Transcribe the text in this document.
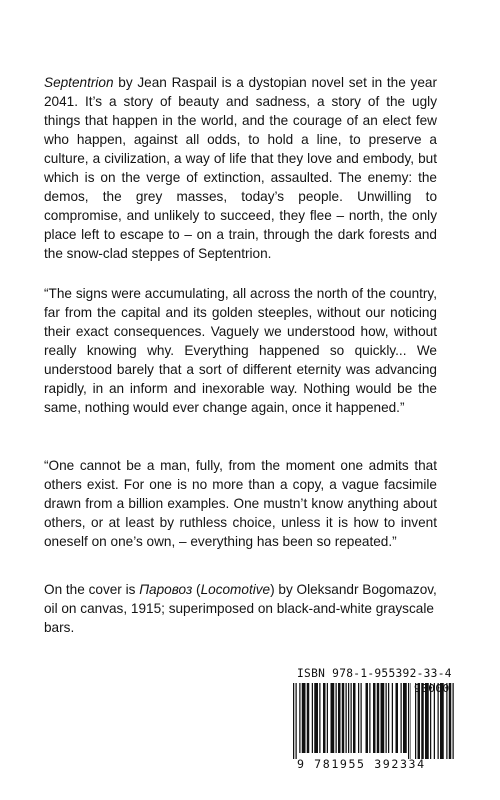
Septentrion by Jean Raspail is a dystopian novel set in the year 2041. It’s a story of beauty and sadness, a story of the ugly things that happen in the world, and the courage of an elect few who happen, against all odds, to hold a line, to preserve a culture, a civilization, a way of life that they love and embody, but which is on the verge of extinction, assaulted. The enemy: the demos, the grey masses, today’s people. Unwilling to compromise, and unlikely to succeed, they flee – north, the only place left to escape to – on a train, through the dark forests and the snow-clad steppes of Septentrion.

“The signs were accumulating, all across the north of the country, far from the capital and its golden steeples, without our noticing their exact consequences. Vaguely we understood how, without really knowing why. Everything happened so quickly... We understood barely that a sort of different eternity was advancing rapidly, in an inform and inexorable way. Nothing would be the same, nothing would ever change again, once it happened.”

“One cannot be a man, fully, from the moment one admits that others exist. For one is no more than a copy, a vague facsimile drawn from a billion examples. One mustn’t know anything about others, or at least by ruthless choice, unless it is how to invent oneself on one’s own, – everything has been so repeated.”

On the cover is Паровоз (Locomotive) by Oleksandr Bogomazov, oil on canvas, 1915; superimposed on black-and-white grayscale bars.

ISBN 978-1-955392-33-4
90000
9 781955 392334
